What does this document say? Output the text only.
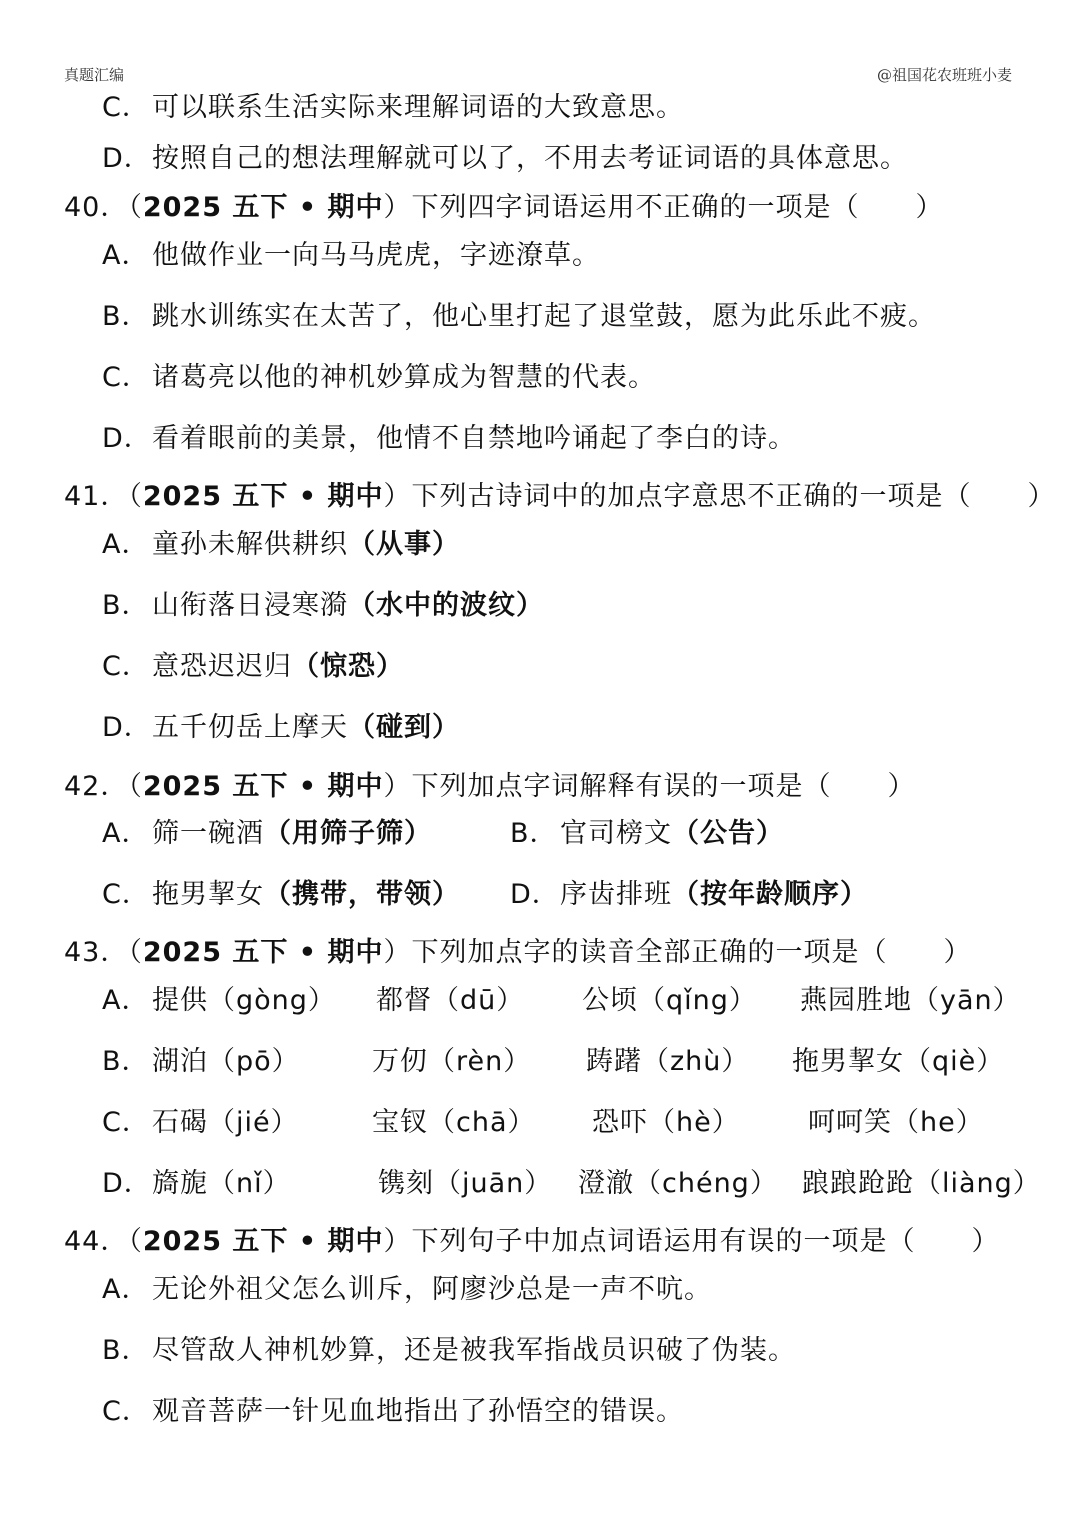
真题汇编	@祖国花农班班小麦
C．可以联系生活实际来理解词语的大致意思。
D．按照自己的想法理解就可以了，不用去考证词语的具体意思。
40．（2025 五下 • 期中）下列四字词语运用不正确的一项是（　　）
A．他做作业一向马马虎虎，字迹潦草。
B．跳水训练实在太苦了，他心里打起了退堂鼓，愿为此乐此不疲。
C．诸葛亮以他的神机妙算成为智慧的代表。
D．看着眼前的美景，他情不自禁地吟诵起了李白的诗。
41．（2025 五下 • 期中）下列古诗词中的加点字意思不正确的一项是（　　）
A．童孙未解供耕织（从事）
B．山衔落日浸寒漪（水中的波纹）
C．意恐迟迟归（惊恐）
D．五千仞岳上摩天（碰到）
42．（2025 五下 • 期中）下列加点字词解释有误的一项是（　　）
A．筛一碗酒（用筛子筛）	B．官司榜文（公告）
C．拖男挈女（携带，带领） D．序齿排班（按年龄顺序）
43．（2025 五下 • 期中）下列加点字的读音全部正确的一项是（　　）
A． 提供（gòng） 都督（dū） 公顷（qǐng） 燕园胜地（yān）
B． 湖泊（pō）	万仞（rèn） 踌躇（zhù） 拖男挈女（qiè）
C． 石碣（jié）	宝钗（chā） 恐吓（hè）	呵呵笑（he）
D． 旖旎（nǐ）	镌刻（juān） 澄澈（chéng） 踉踉跄跄（liàng）
44．（2025 五下 • 期中）下列句子中加点词语运用有误的一项是（　　）
A．无论外祖父怎么训斥，阿廖沙总是一声不吭。
B．尽管敌人神机妙算，还是被我军指战员识破了伪装。
C．观音菩萨一针见血地指出了孙悟空的错误。
